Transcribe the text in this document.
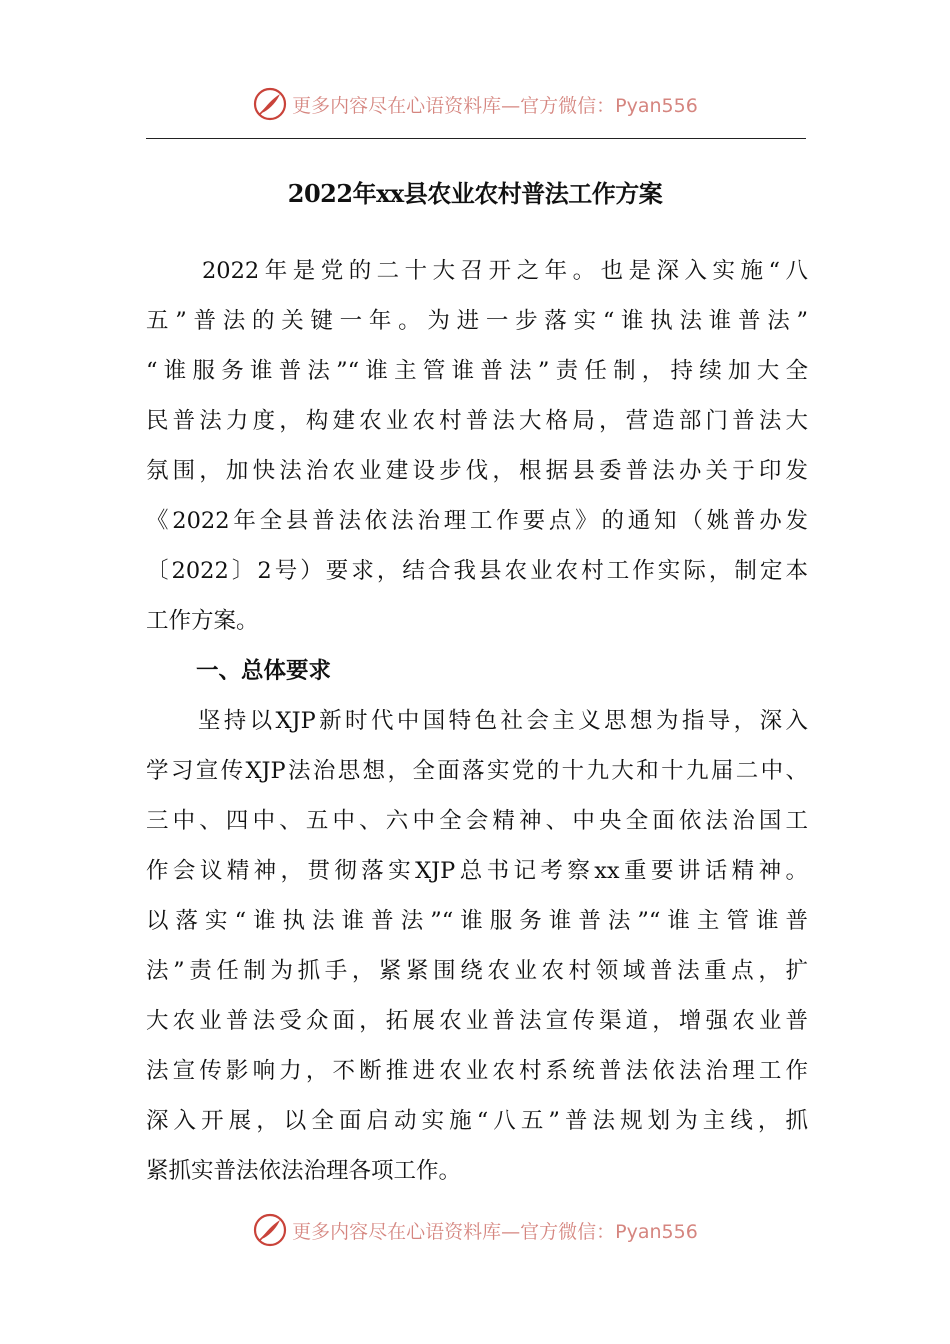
更多内容尽在心语资料库—官方微信：Pyan556
2022年xx县农业农村普法工作方案
　　2022年是党的二十大召开之年。也是深入实施“八
五”普法的关键一年。为进一步落实“谁执法谁普法”
“谁服务谁普法”“谁主管谁普法”责任制，持续加大全
民普法力度，构建农业农村普法大格局，营造部门普法大
氛围，加快法治农业建设步伐，根据县委普法办关于印发
《2022年全县普法依法治理工作要点》的通知（姚普办发
〔2022〕2号）要求，结合我县农业农村工作实际，制定本
工作方案。
一、总体要求
　　坚持以XJP新时代中国特色社会主义思想为指导，深入
学习宣传XJP法治思想，全面落实党的十九大和十九届二中、
三中、四中、五中、六中全会精神、中央全面依法治国工
作会议精神，贯彻落实XJP总书记考察xx重要讲话精神。
以落实“谁执法谁普法”“谁服务谁普法”“谁主管谁普
法”责任制为抓手，紧紧围绕农业农村领域普法重点，扩
大农业普法受众面，拓展农业普法宣传渠道，增强农业普
法宣传影响力，不断推进农业农村系统普法依法治理工作
深入开展，以全面启动实施“八五”普法规划为主线，抓
紧抓实普法依法治理各项工作。
更多内容尽在心语资料库—官方微信：Pyan556
